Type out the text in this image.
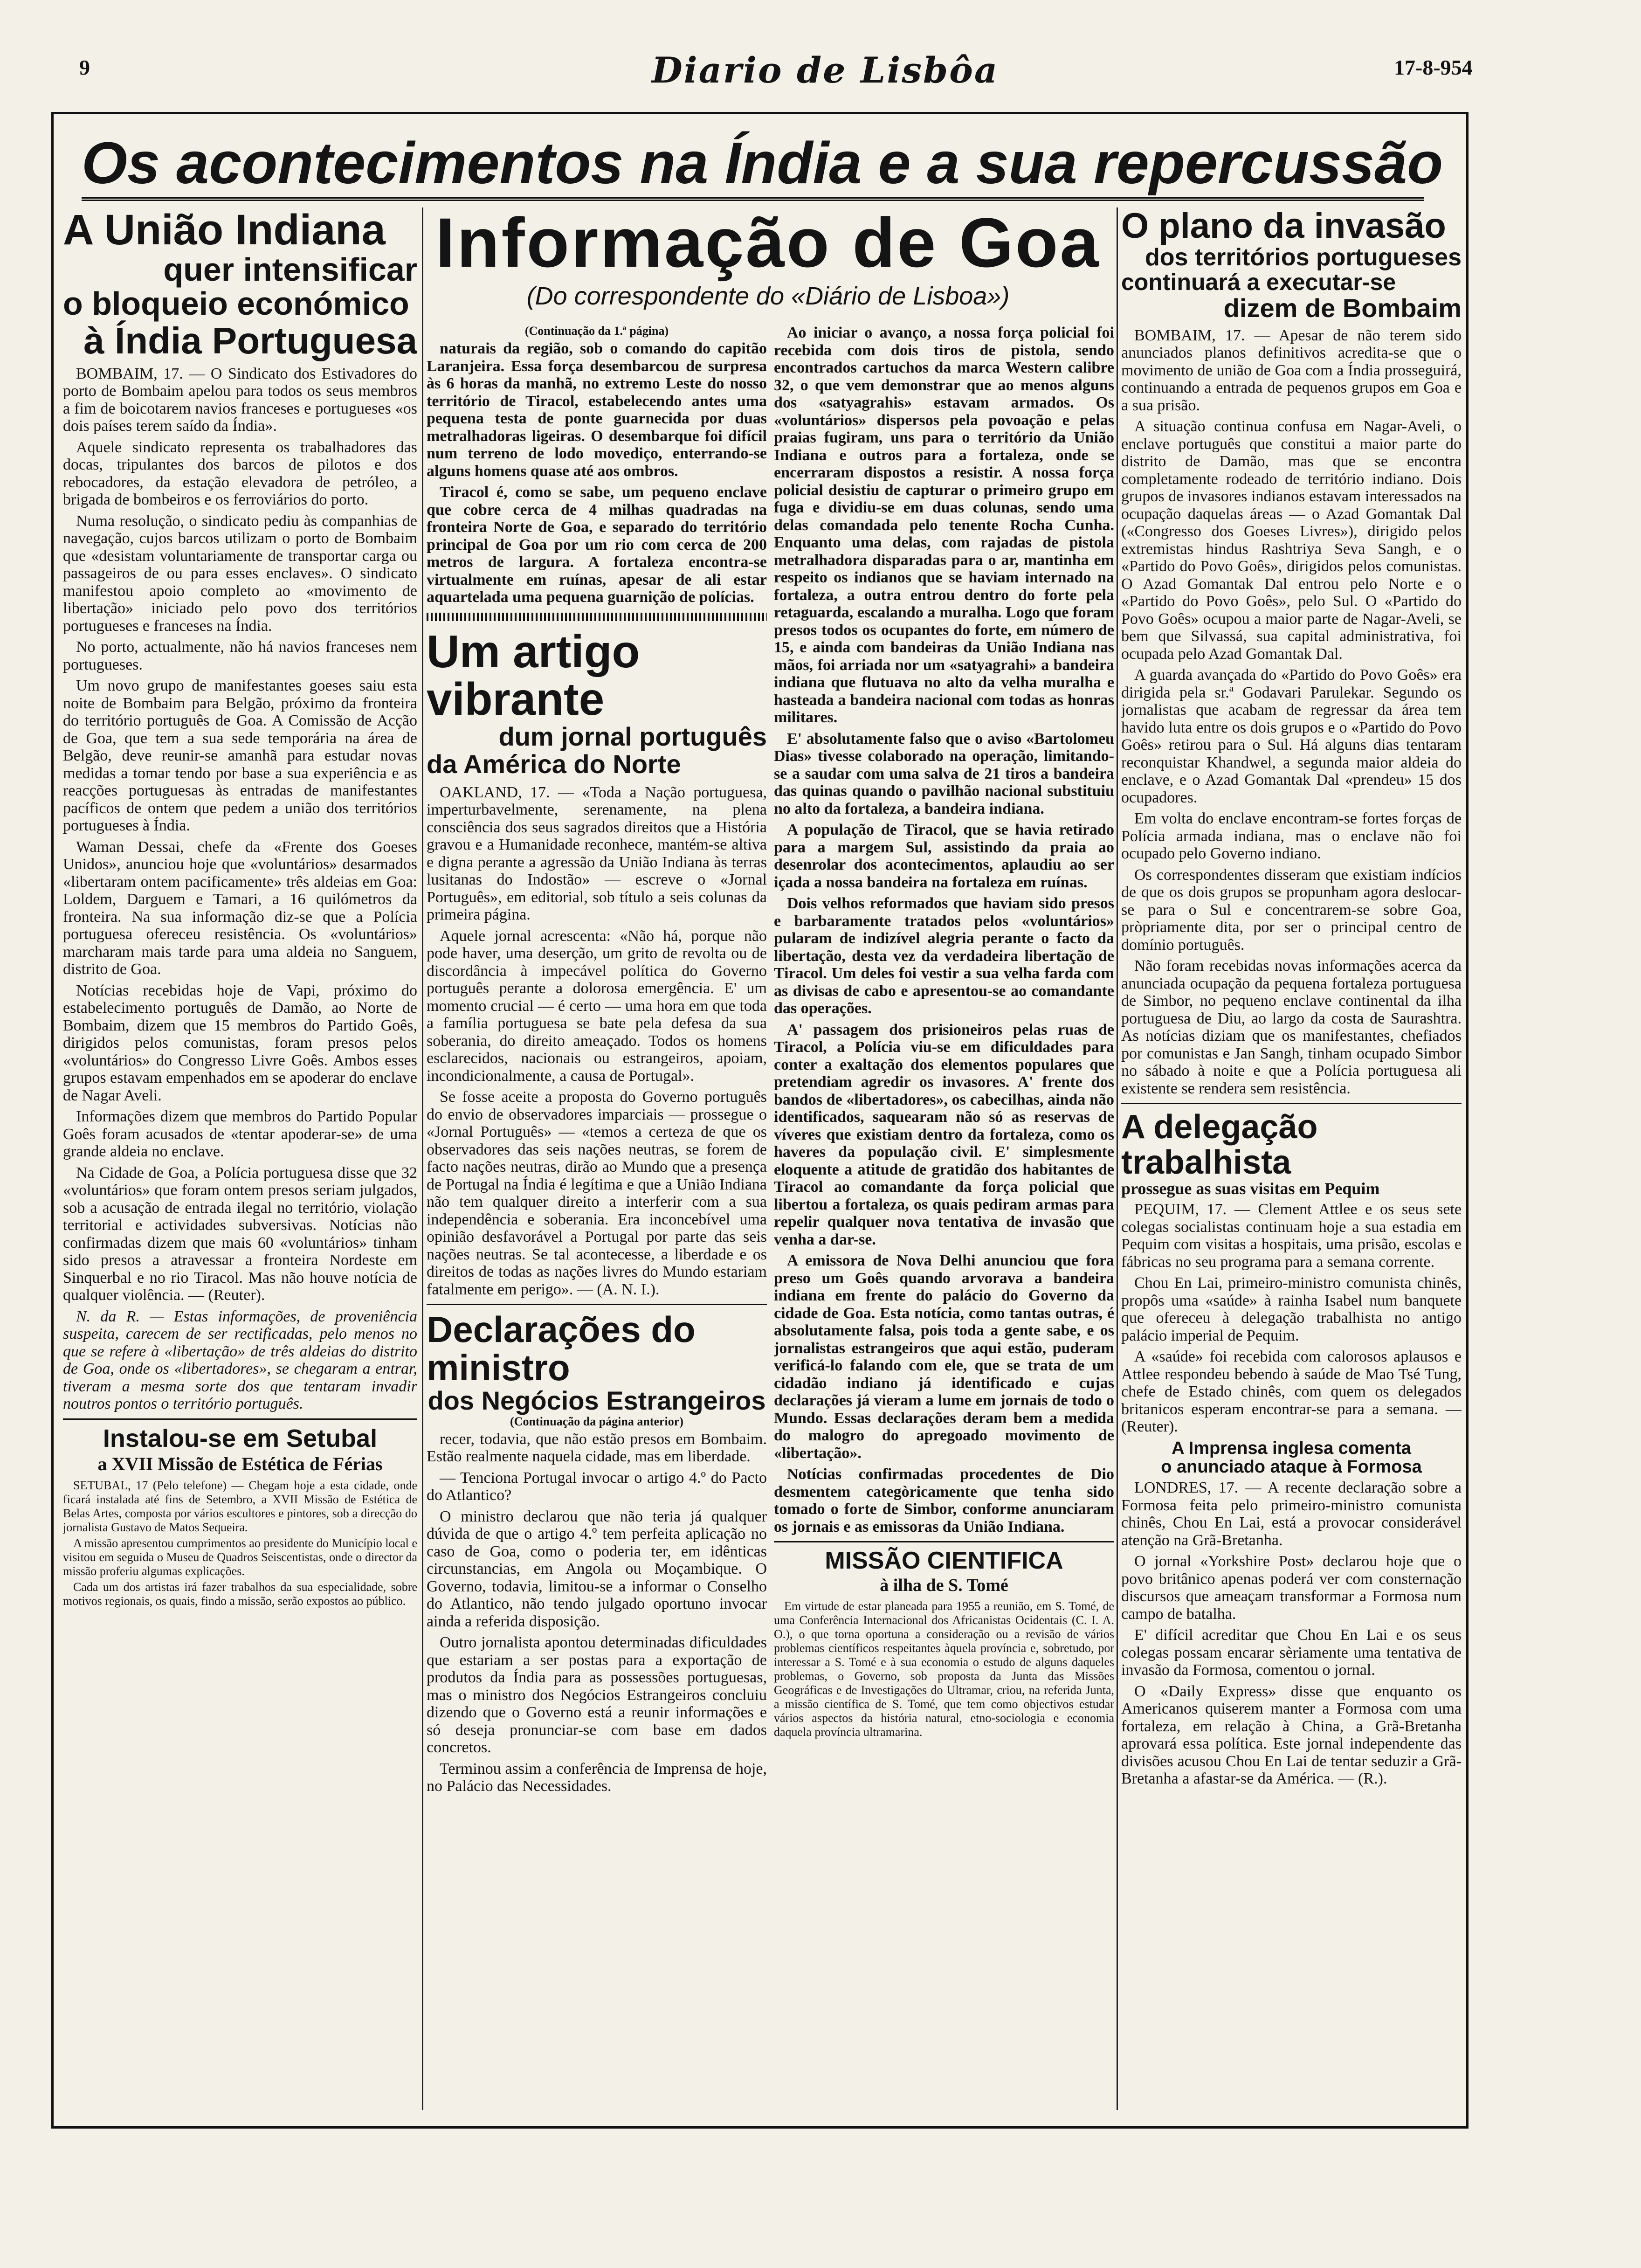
9	Diario de Lisbôa	17-8-954
Os acontecimentos na Índia e a sua repercussão
A União Indiana
quer intensificar
o bloqueio económico
à Índia Portuguesa

BOMBAIM, 17. — O Sindicato dos Estivadores do porto de Bombaim apelou para todos os seus membros a fim de boicotarem navios franceses e portugueses «os dois países terem saído da Índia».

Aquele sindicato representa os trabalhadores das docas, tripulantes dos barcos de pilotos e dos rebocadores, da estação elevadora de petróleo, a brigada de bombeiros e os ferroviários do porto.

Numa resolução, o sindicato pediu às companhias de navegação, cujos barcos utilizam o porto de Bombaim que «desistam voluntariamente de transportar carga ou passageiros de ou para esses enclaves». O sindicato manifestou apoio completo ao «movimento de libertação» iniciado pelo povo dos territórios portugueses e franceses na Índia.

No porto, actualmente, não há navios franceses nem portugueses.

Um novo grupo de manifestantes goeses saiu esta noite de Bombaim para Belgão, próximo da fronteira do território português de Goa. A Comissão de Acção de Goa, que tem a sua sede temporária na área de Belgão, deve reunir-se amanhã para estudar novas medidas a tomar tendo por base a sua experiência e as reacções portuguesas às entradas de manifestantes pacíficos de ontem que pedem a união dos territórios portugueses à Índia.

Waman Dessai, chefe da «Frente dos Goeses Unidos», anunciou hoje que «voluntários» desarmados «libertaram ontem pacificamente» três aldeias em Goa: Loldem, Darguem e Tamari, a 16 quilómetros da fronteira. Na sua informação diz-se que a Polícia portuguesa ofereceu resistência. Os «voluntários» marcharam mais tarde para uma aldeia no Sanguem, distrito de Goa.

Notícias recebidas hoje de Vapi, próximo do estabelecimento português de Damão, ao Norte de Bombaim, dizem que 15 membros do Partido Goês, dirigidos pelos comunistas, foram presos pelos «voluntários» do Congresso Livre Goês. Ambos esses grupos estavam empenhados em se apoderar do enclave de Nagar Aveli.

Informações dizem que membros do Partido Popular Goês foram acusados de «tentar apoderar-se» de uma grande aldeia no enclave.

Na Cidade de Goa, a Polícia portuguesa disse que 32 «voluntários» que foram ontem presos seriam julgados, sob a acusação de entrada ilegal no território, violação territorial e actividades subversivas. Notícias não confirmadas dizem que mais 60 «voluntários» tinham sido presos a atravessar a fronteira Nordeste em Sinquerbal e no rio Tiracol. Mas não houve notícia de qualquer violência. — (Reuter).

N. da R. — Estas informações, de proveniência suspeita, carecem de ser rectificadas, pelo menos no que se refere à «libertação» de três aldeias do distrito de Goa, onde os «libertadores», se chegaram a entrar, tiveram a mesma sorte dos que tentaram invadir noutros pontos o território português.

Instalou-se em Setubal
a XVII Missão de Estética de Férias

SETUBAL, 17 (Pelo telefone) — Chegam hoje a esta cidade, onde ficará instalada até fins de Setembro, a XVII Missão de Estética de Belas Artes, composta por vários escultores e pintores, sob a direcção do jornalista Gustavo de Matos Sequeira.

A missão apresentou cumprimentos ao presidente do Município local e visitou em seguida o Museu de Quadros Seiscentistas, onde o director da missão proferiu algumas explicações.

Cada um dos artistas irá fazer trabalhos da sua especialidade, sobre motivos regionais, os quais, findo a missão, serão expostos ao público.

(Continuação da 1.ª página)

naturais da região, sob o comando do capitão Laranjeira. Essa força desembarcou de surpresa às 6 horas da manhã, no extremo Leste do nosso território de Tiracol, estabelecendo antes uma pequena testa de ponte guarnecida por duas metralhadoras ligeiras. O desembarque foi difícil num terreno de lodo movediço, enterrando-se alguns homens quase até aos ombros.

Tiracol é, como se sabe, um pequeno enclave que cobre cerca de 4 milhas quadradas na fronteira Norte de Goa, e separado do território principal de Goa por um rio com cerca de 200 metros de largura. A fortaleza encontra-se virtualmente em ruínas, apesar de ali estar aquartelada uma pequena guarnição de polícias.

Um artigo vibrante
dum jornal português
da América do Norte

OAKLAND, 17. — «Toda a Nação portuguesa, imperturbavelmente, serenamente, na plena consciência dos seus sagrados direitos que a História gravou e a Humanidade reconhece, mantém-se altiva e digna perante a agressão da União Indiana às terras lusitanas do Indostão» — escreve o «Jornal Português», em editorial, sob título a seis colunas da primeira página.

Aquele jornal acrescenta: «Não há, porque não pode haver, uma deserção, um grito de revolta ou de discordância à impecável política do Governo português perante a dolorosa emergência. E' um momento crucial — é certo — uma hora em que toda a família portuguesa se bate pela defesa da sua soberania, do direito ameaçado. Todos os homens esclarecidos, nacionais ou estrangeiros, apoiam, incondicionalmente, a causa de Portugal».

Se fosse aceite a proposta do Governo português do envio de observadores imparciais — prossegue o «Jornal Português» — «temos a certeza de que os observadores das seis nações neutras, se forem de facto nações neutras, dirão ao Mundo que a presença de Portugal na Índia é legítima e que a União Indiana não tem qualquer direito a interferir com a sua independência e soberania. Era inconcebível uma opinião desfavorável a Portugal por parte das seis nações neutras. Se tal acontecesse, a liberdade e os direitos de todas as nações livres do Mundo estariam fatalmente em perigo». — (A. N. I.).

Declarações do ministro
dos Negócios Estrangeiros

(Continuação da página anterior)

recer, todavia, que não estão presos em Bombaim. Estão realmente naquela cidade, mas em liberdade.

— Tenciona Portugal invocar o artigo 4.º do Pacto do Atlantico?

O ministro declarou que não teria já qualquer dúvida de que o artigo 4.º tem perfeita aplicação no caso de Goa, como o poderia ter, em idênticas circunstancias, em Angola ou Moçambique. O Governo, todavia, limitou-se a informar o Conselho do Atlantico, não tendo julgado oportuno invocar ainda a referida disposição.

Outro jornalista apontou determinadas dificuldades que estariam a ser postas para a exportação de produtos da Índia para as possessões portuguesas, mas o ministro dos Negócios Estrangeiros concluiu dizendo que o Governo está a reunir informações e só deseja pronunciar-se com base em dados concretos.

Terminou assim a conferência de Imprensa de hoje, no Palácio das Necessidades.

Ao iniciar o avanço, a nossa força policial foi recebida com dois tiros de pistola, sendo encontrados cartuchos da marca Western calibre 32, o que vem demonstrar que ao menos alguns dos «satyagrahis» estavam armados. Os «voluntários» dispersos pela povoação e pelas praias fugiram, uns para o território da União Indiana e outros para a fortaleza, onde se encerraram dispostos a resistir. A nossa força policial desistiu de capturar o primeiro grupo em fuga e dividiu-se em duas colunas, sendo uma delas comandada pelo tenente Rocha Cunha. Enquanto uma delas, com rajadas de pistola metralhadora disparadas para o ar, mantinha em respeito os indianos que se haviam internado na fortaleza, a outra entrou dentro do forte pela retaguarda, escalando a muralha. Logo que foram presos todos os ocupantes do forte, em número de 15, e ainda com bandeiras da União Indiana nas mãos, foi arriada nor um «satyagrahi» a bandeira indiana que flutuava no alto da velha muralha e hasteada a bandeira nacional com todas as honras militares.

E' absolutamente falso que o aviso «Bartolomeu Dias» tivesse colaborado na operação, limitando-se a saudar com uma salva de 21 tiros a bandeira das quinas quando o pavilhão nacional substituiu no alto da fortaleza, a bandeira indiana.

A população de Tiracol, que se havia retirado para a margem Sul, assistindo da praia ao desenrolar dos acontecimentos, aplaudiu ao ser içada a nossa bandeira na fortaleza em ruínas.

Dois velhos reformados que haviam sido presos e barbaramente tratados pelos «voluntários» pularam de indizível alegria perante o facto da libertação, desta vez da verdadeira libertação de Tiracol. Um deles foi vestir a sua velha farda com as divisas de cabo e apresentou-se ao comandante das operações.

A' passagem dos prisioneiros pelas ruas de Tiracol, a Polícia viu-se em dificuldades para conter a exaltação dos elementos populares que pretendiam agredir os invasores. A' frente dos bandos de «libertadores», os cabecilhas, ainda não identificados, saquearam não só as reservas de víveres que existiam dentro da fortaleza, como os haveres da população civil. E' simplesmente eloquente a atitude de gratidão dos habitantes de Tiracol ao comandante da força policial que libertou a fortaleza, os quais pediram armas para repelir qualquer nova tentativa de invasão que venha a dar-se.

A emissora de Nova Delhi anunciou que fora preso um Goês quando arvorava a bandeira indiana em frente do palácio do Governo da cidade de Goa. Esta notícia, como tantas outras, é absolutamente falsa, pois toda a gente sabe, e os jornalistas estrangeiros que aqui estão, puderam verificá-lo falando com ele, que se trata de um cidadão indiano já identificado e cujas declarações já vieram a lume em jornais de todo o Mundo. Essas declarações deram bem a medida do malogro do apregoado movimento de «libertação».

Notícias confirmadas procedentes de Dio desmentem categòricamente que tenha sido tomado o forte de Simbor, conforme anunciaram os jornais e as emissoras da União Indiana.

MISSÃO CIENTIFICA
à ilha de S. Tomé

Em virtude de estar planeada para 1955 a reunião, em S. Tomé, de uma Conferência Internacional dos Africanistas Ocidentais (C. I. A. O.), o que torna oportuna a consideração ou a revisão de vários problemas científicos respeitantes àquela província e, sobretudo, por interessar a S. Tomé e à sua economia o estudo de alguns daqueles problemas, o Governo, sob proposta da Junta das Missões Geográficas e de Investigações do Ultramar, criou, na referida Junta, a missão científica de S. Tomé, que tem como objectivos estudar vários aspectos da história natural, etno-sociologia e economia daquela província ultramarina.

O plano da invasão
dos territórios portugueses
continuará a executar-se
dizem de Bombaim

BOMBAIM, 17. — Apesar de não terem sido anunciados planos definitivos acredita-se que o movimento de união de Goa com a Índia prosseguirá, continuando a entrada de pequenos grupos em Goa e a sua prisão.

A situação continua confusa em Nagar-Aveli, o enclave português que constitui a maior parte do distrito de Damão, mas que se encontra completamente rodeado de território indiano. Dois grupos de invasores indianos estavam interessados na ocupação daquelas áreas — o Azad Gomantak Dal («Congresso dos Goeses Livres»), dirigido pelos extremistas hindus Rashtriya Seva Sangh, e o «Partido do Povo Goês», dirigidos pelos comunistas. O Azad Gomantak Dal entrou pelo Norte e o «Partido do Povo Goês», pelo Sul. O «Partido do Povo Goês» ocupou a maior parte de Nagar-Aveli, se bem que Silvassá, sua capital administrativa, foi ocupada pelo Azad Gomantak Dal.

A guarda avançada do «Partido do Povo Goês» era dirigida pela sr.ª Godavari Parulekar. Segundo os jornalistas que acabam de regressar da área tem havido luta entre os dois grupos e o «Partido do Povo Goês» retirou para o Sul. Há alguns dias tentaram reconquistar Khandwel, a segunda maior aldeia do enclave, e o Azad Gomantak Dal «prendeu» 15 dos ocupadores.

Em volta do enclave encontram-se fortes forças de Polícia armada indiana, mas o enclave não foi ocupado pelo Governo indiano.

Os correspondentes disseram que existiam indícios de que os dois grupos se propunham agora deslocar-se para o Sul e concentrarem-se sobre Goa, pròpriamente dita, por ser o principal centro de domínio português.

Não foram recebidas novas informações acerca da anunciada ocupação da pequena fortaleza portuguesa de Simbor, no pequeno enclave continental da ilha portuguesa de Diu, ao largo da costa de Saurashtra. As notícias diziam que os manifestantes, chefiados por comunistas e Jan Sangh, tinham ocupado Simbor no sábado à noite e que a Polícia portuguesa ali existente se rendera sem resistência.

A delegação trabalhista
prossegue as suas visitas em Pequim

PEQUIM, 17. — Clement Attlee e os seus sete colegas socialistas continuam hoje a sua estadia em Pequim com visitas a hospitais, uma prisão, escolas e fábricas no seu programa para a semana corrente.

Chou En Lai, primeiro-ministro comunista chinês, propôs uma «saúde» à rainha Isabel num banquete que ofereceu à delegação trabalhista no antigo palácio imperial de Pequim.

A «saúde» foi recebida com calorosos aplausos e Attlee respondeu bebendo à saúde de Mao Tsé Tung, chefe de Estado chinês, com quem os delegados britanicos esperam encontrar-se para a semana. — (Reuter).

A Imprensa inglesa comenta
o anunciado ataque à Formosa

LONDRES, 17. — A recente declaração sobre a Formosa feita pelo primeiro-ministro comunista chinês, Chou En Lai, está a provocar considerável atenção na Grã-Bretanha.

O jornal «Yorkshire Post» declarou hoje que o povo britânico apenas poderá ver com consternação discursos que ameaçam transformar a Formosa num campo de batalha.

E' difícil acreditar que Chou En Lai e os seus colegas possam encarar sèriamente uma tentativa de invasão da Formosa, comentou o jornal.

O «Daily Express» disse que enquanto os Americanos quiserem manter a Formosa com uma fortaleza, em relação à China, a Grã-Bretanha aprovará essa política. Este jornal independente das divisões acusou Chou En Lai de tentar seduzir a Grã-Bretanha a afastar-se da América. — (R.).

Informação de Goa
(Do correspondente do «Diário de Lisboa»)
